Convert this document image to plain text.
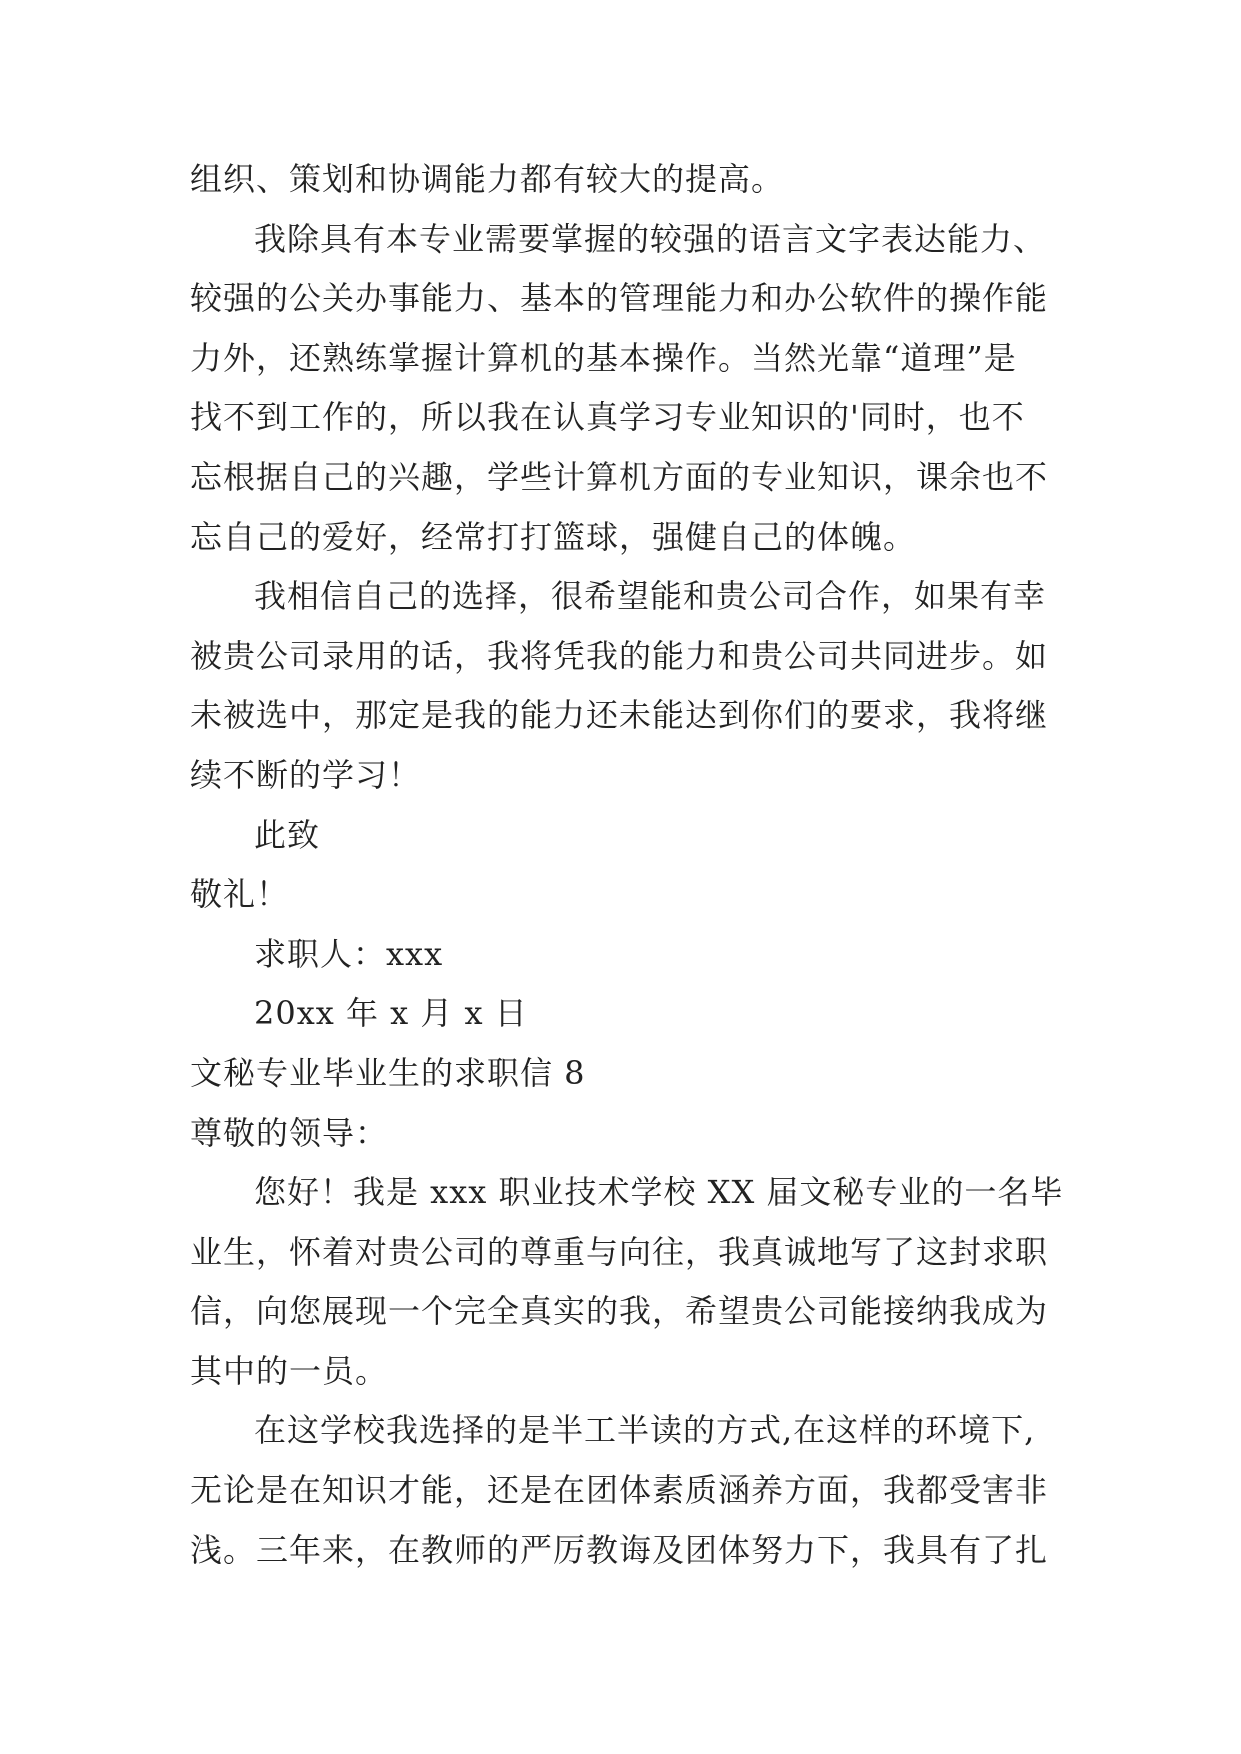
组织、策划和协调能力都有较大的提高。

我除具有本专业需要掌握的较强的语言文字表达能力、
较强的公关办事能力、基本的管理能力和办公软件的操作能
力外，还熟练掌握计算机的基本操作。当然光靠“道理”是
找不到工作的，所以我在认真学习专业知识的'同时，也不
忘根据自己的兴趣，学些计算机方面的专业知识，课余也不
忘自己的爱好，经常打打篮球，强健自己的体魄。

我相信自己的选择，很希望能和贵公司合作，如果有幸
被贵公司录用的话，我将凭我的能力和贵公司共同进步。如
未被选中，那定是我的能力还未能达到你们的要求，我将继
续不断的学习！

此致

敬礼！

求职人：xxx

20xx 年 x 月 x 日

文秘专业毕业生的求职信 8

尊敬的领导：

您好！我是 xxx 职业技术学校 XX 届文秘专业的一名毕
业生，怀着对贵公司的尊重与向往，我真诚地写了这封求职
信，向您展现一个完全真实的我，希望贵公司能接纳我成为
其中的一员。

在这学校我选择的是半工半读的方式,在这样的环境下,
无论是在知识才能，还是在团体素质涵养方面，我都受害非
浅。三年来，在教师的严厉教诲及团体努力下，我具有了扎
